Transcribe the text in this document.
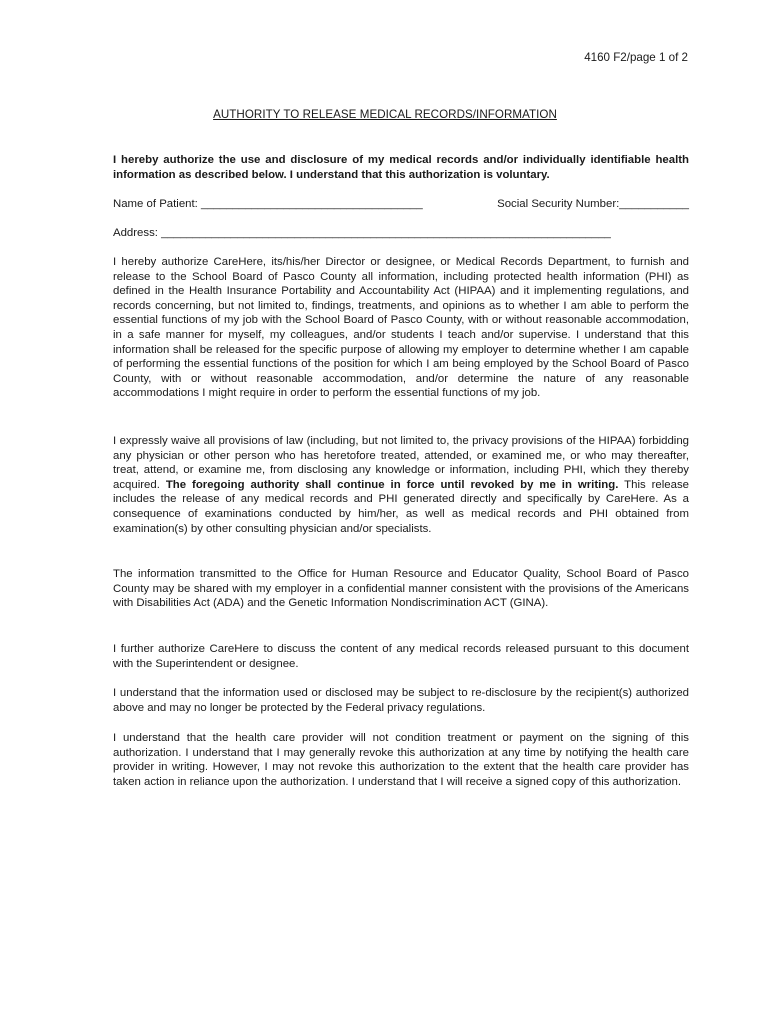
4160 F2/page 1 of 2
AUTHORITY TO RELEASE MEDICAL RECORDS/INFORMATION
I hereby authorize the use and disclosure of my medical records and/or individually identifiable health information as described below. I understand that this authorization is voluntary.
Name of Patient: ___________________________________	Social Security Number:___________
Address: _______________________________________________________________________
I hereby authorize CareHere, its/his/her Director or designee, or Medical Records Department, to furnish and release to the School Board of Pasco County all information, including protected health information (PHI) as defined in the Health Insurance Portability and Accountability Act (HIPAA) and it implementing regulations, and records concerning, but not limited to, findings, treatments, and opinions as to whether I am able to perform the essential functions of my job with the School Board of Pasco County, with or without reasonable accommodation, in a safe manner for myself, my colleagues, and/or students I teach and/or supervise. I understand that this information shall be released for the specific purpose of allowing my employer to determine whether I am capable of performing the essential functions of the position for which I am being employed by the School Board of Pasco County, with or without reasonable accommodation, and/or determine the nature of any reasonable accommodations I might require in order to perform the essential functions of my job.
I expressly waive all provisions of law (including, but not limited to, the privacy provisions of the HIPAA) forbidding any physician or other person who has heretofore treated, attended, or examined me, or who may thereafter, treat, attend, or examine me, from disclosing any knowledge or information, including PHI, which they thereby acquired. The foregoing authority shall continue in force until revoked by me in writing. This release includes the release of any medical records and PHI generated directly and specifically by CareHere. As a consequence of examinations conducted by him/her, as well as medical records and PHI obtained from examination(s) by other consulting physician and/or specialists.
The information transmitted to the Office for Human Resource and Educator Quality, School Board of Pasco County may be shared with my employer in a confidential manner consistent with the provisions of the Americans with Disabilities Act (ADA) and the Genetic Information Nondiscrimination ACT (GINA).
I further authorize CareHere to discuss the content of any medical records released pursuant to this document with the Superintendent or designee.
I understand that the information used or disclosed may be subject to re-disclosure by the recipient(s) authorized above and may no longer be protected by the Federal privacy regulations.
I understand that the health care provider will not condition treatment or payment on the signing of this authorization. I understand that I may generally revoke this authorization at any time by notifying the health care provider in writing. However, I may not revoke this authorization to the extent that the health care provider has taken action in reliance upon the authorization. I understand that I will receive a signed copy of this authorization.
